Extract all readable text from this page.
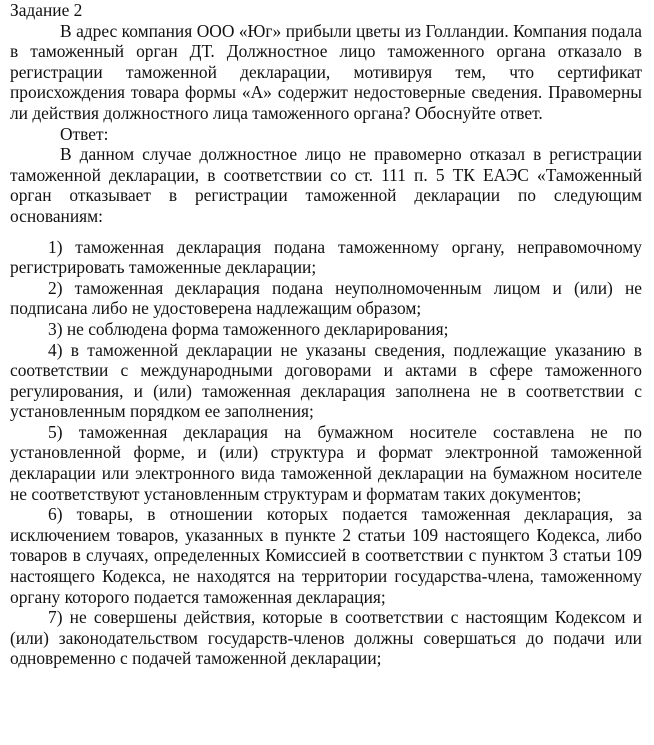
Задание 2

В адрес компания ООО «Юг» прибыли цветы из Голландии. Компания подала в таможенный орган ДТ. Должностное лицо таможенного органа отказало в регистрации таможенной декларации, мотивируя тем, что сертификат происхождения товара формы «А» содержит недостоверные сведения. Правомерны ли действия должностного лица таможенного органа? Обоснуйте ответ.

Ответ:

В данном случае должностное лицо не правомерно отказал в регистрации таможенной декларации, в соответствии со ст. 111 п. 5 ТК ЕАЭС «Таможенный орган отказывает в регистрации таможенной декларации по следующим основаниям:

1) таможенная декларация подана таможенному органу, неправомочному регистрировать таможенные декларации;

2) таможенная декларация подана неуполномоченным лицом и (или) не подписана либо не удостоверена надлежащим образом;

3) не соблюдена форма таможенного декларирования;

4) в таможенной декларации не указаны сведения, подлежащие указанию в соответствии с международными договорами и актами в сфере таможенного регулирования, и (или) таможенная декларация заполнена не в соответствии с установленным порядком ее заполнения;

5) таможенная декларация на бумажном носителе составлена не по установленной форме, и (или) структура и формат электронной таможенной декларации или электронного вида таможенной декларации на бумажном носителе не соответствуют установленным структурам и форматам таких документов;

6) товары, в отношении которых подается таможенная декларация, за исключением товаров, указанных в пункте 2 статьи 109 настоящего Кодекса, либо товаров в случаях, определенных Комиссией в соответствии с пунктом 3 статьи 109 настоящего Кодекса, не находятся на территории государства-члена, таможенному органу которого подается таможенная декларация;

7) не совершены действия, которые в соответствии с настоящим Кодексом и (или) законодательством государств-членов должны совершаться до подачи или одновременно с подачей таможенной декларации;
